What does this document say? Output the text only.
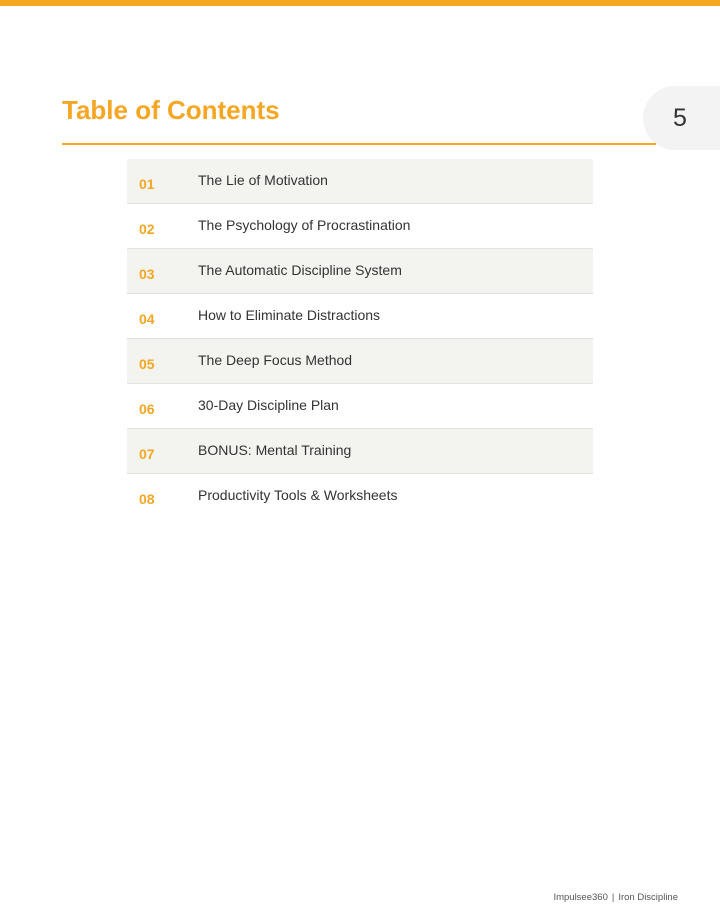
5
Table of Contents
01	The Lie of Motivation
02	The Psychology of Procrastination
03	The Automatic Discipline System
04	How to Eliminate Distractions
05	The Deep Focus Method
06	30-Day Discipline Plan
07	BONUS: Mental Training
08	Productivity Tools & Worksheets
Impulsee360 | Iron Discipline
